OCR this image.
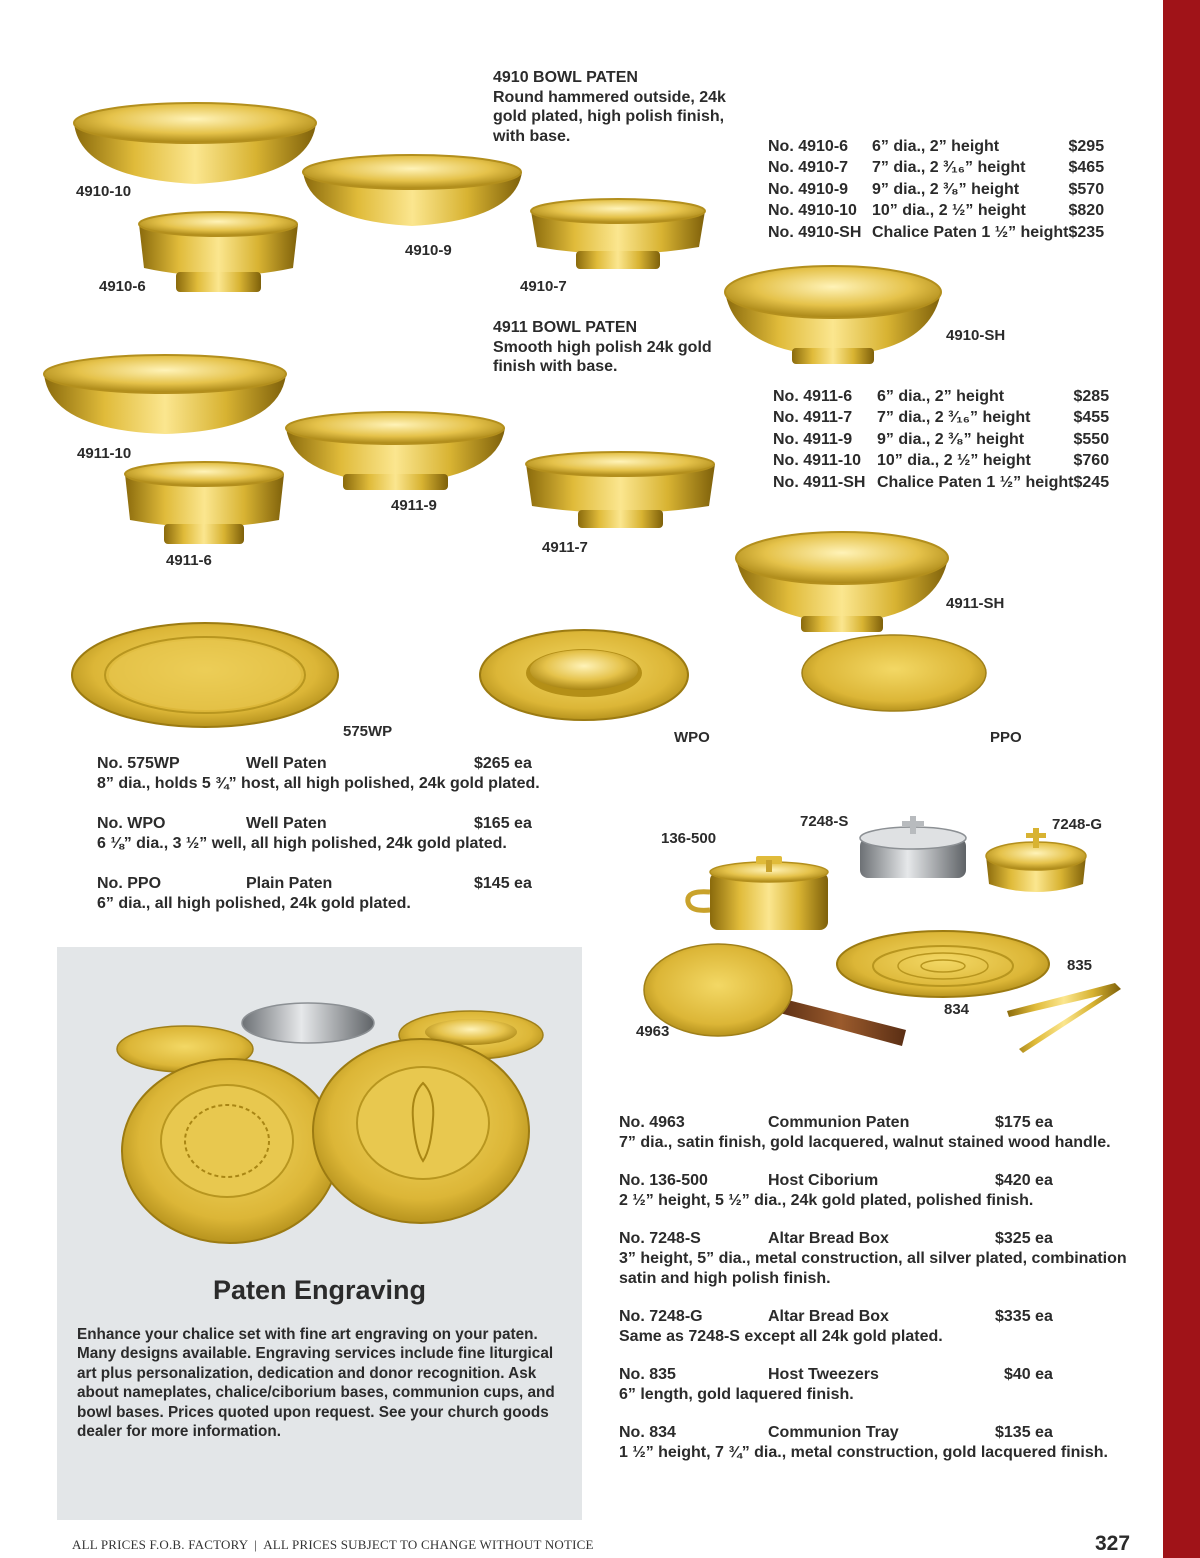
4910 BOWL PATEN
Round hammered outside, 24k
gold plated, high polish finish,
with base.
4910-10
4910-9
4910-6	4910-7
4910-SH
No. 4910-6	6” dia., 2” height	$295
No. 4910-7	7” dia., 2 ³⁄₁₆” height	$465
No. 4910-9	9” dia., 2 ³⁄₈” height	$570
No. 4910-10	10” dia., 2 ½” height	$820
No. 4910-SH	Chalice Paten 1 ½” height	$235
4911 BOWL PATEN
Smooth high polish 24k gold
finish with base.
4911-10
4911-9
4911-6
4911-7
4911-SH
No. 4911-6	6” dia., 2” height	$285
No. 4911-7	7” dia., 2 ³⁄₁₆” height	$455
No. 4911-9	9” dia., 2 ³⁄₈” height	$550
No. 4911-10	10” dia., 2 ½” height	$760
No. 4911-SH	Chalice Paten 1 ½” height	$245
575WP	WPO	PPO
No. 575WP	Well Paten	$265 ea
8” dia., holds 5 ¾” host, all high polished, 24k gold plated.
No. WPO	Well Paten	$165 ea
6 ⅛” dia., 3 ½” well, all high polished, 24k gold plated.
No. PPO	Plain Paten	$145 ea
6” dia., all high polished, 24k gold plated.
136-500
7248-S	7248-G
835
834
4963
No. 4963	Communion Paten	$175 ea
7” dia., satin finish, gold lacquered, walnut stained wood handle.
No. 136-500	Host Ciborium	$420 ea
2 ½” height, 5 ½” dia., 24k gold plated, polished finish.
No. 7248-S	Altar Bread Box	$325 ea
3” height, 5” dia., metal construction, all silver plated, combination satin and high polish finish.
No. 7248-G	Altar Bread Box	$335 ea
Same as 7248-S except all 24k gold plated.
No. 835	Host Tweezers	$40 ea
6” length, gold laquered finish.
No. 834	Communion Tray	$135 ea
1 ½” height, 7 ¾” dia., metal construction, gold lacquered finish.
Paten Engraving
Enhance your chalice set with fine art engraving on your paten. Many designs available. Engraving services include fine liturgical art plus personalization, dedication and donor recognition. Ask about nameplates, chalice/ciborium bases, communion cups, and bowl bases. Prices quoted upon request. See your church goods dealer for more information.
ALL PRICES F.O.B. FACTORY | ALL PRICES SUBJECT TO CHANGE WITHOUT NOTICE	327
